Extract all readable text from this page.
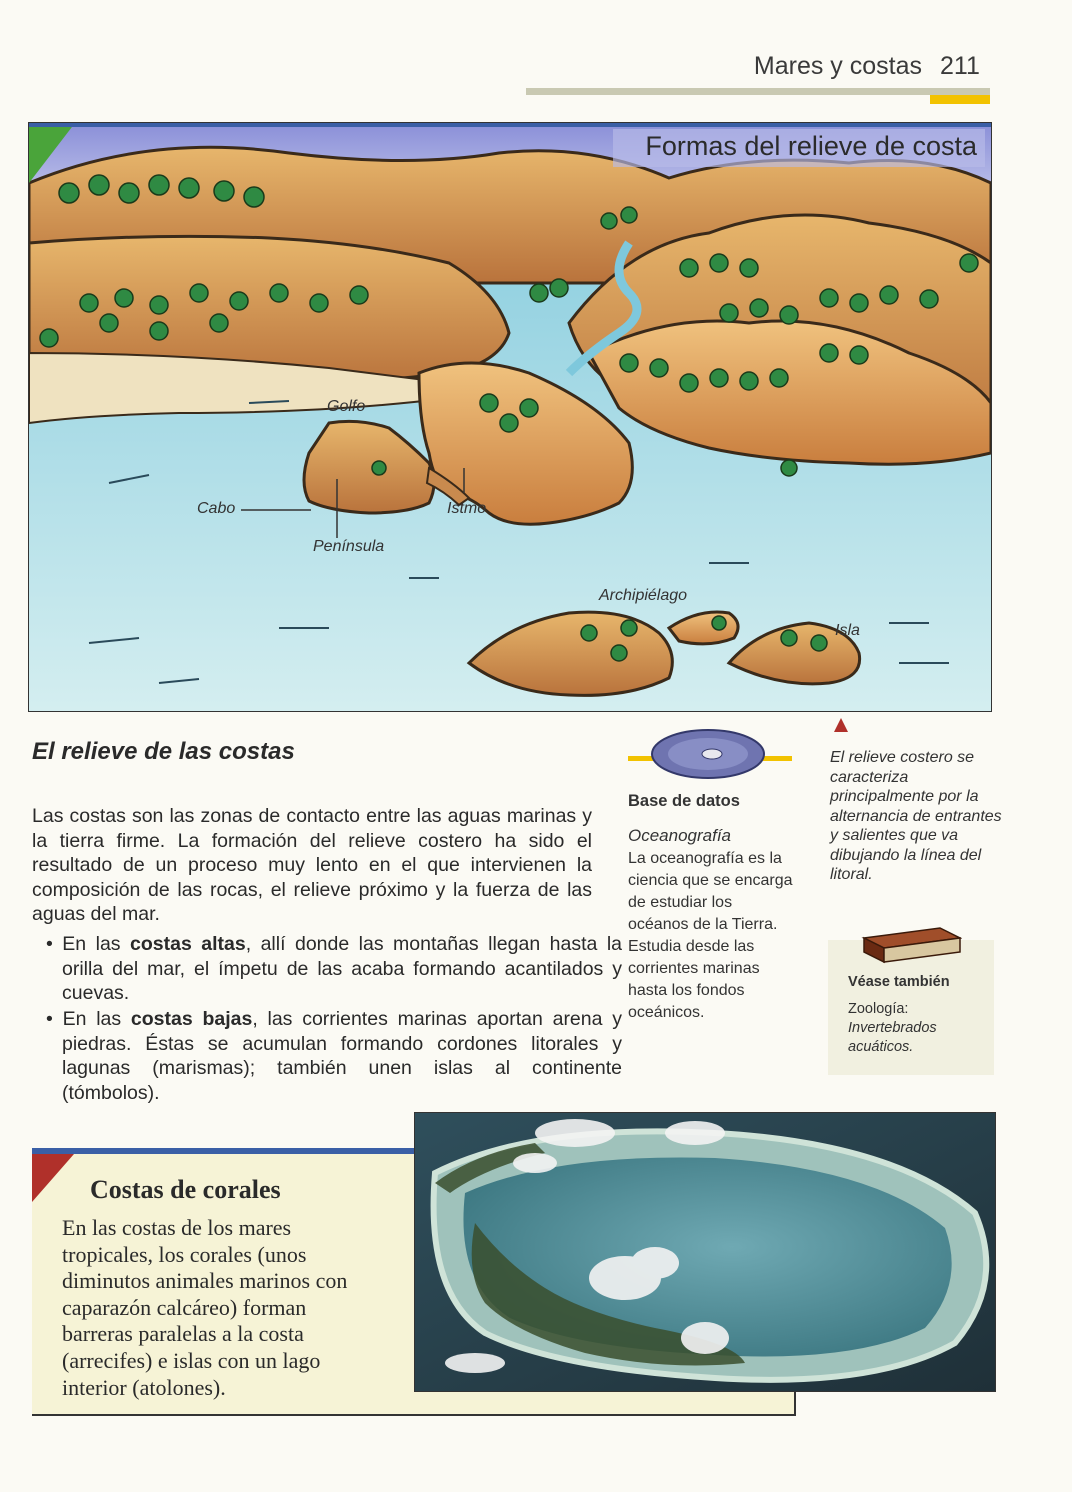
Mares y costas 211
Golfo
Cabo	Istmo
Península
Archipiélago
Isla
Formas del relieve de costa
El relieve de las costas

Las costas son las zonas de contacto entre las aguas marinas y la tierra firme. La formación del relieve costero ha sido el resultado de un proceso muy lento en el que intervienen la composición de las rocas, el relieve próximo y la fuerza de las aguas del mar.

• En las costas altas, allí donde las montañas llegan hasta la orilla del mar, el ímpetu de las acaba formando acantilados y cuevas.

• En las costas bajas, las corrientes marinas aportan arena y piedras. Éstas se acumulan formando cordones litorales y lagunas (marismas); también unen islas al continente (tómbolos).

Base de datos
Oceanografía

La oceanografía es la ciencia que se encarga de estudiar los océanos de la Tierra. Estudia desde las corrientes marinas hasta los fondos oceánicos.

El relieve costero se caracteriza principalmente por la alternancia de entrantes y salientes que va dibujando la línea del litoral.

Véase también

Zoología:
Invertebrados acuáticos.

Costas de corales

En las costas de los mares tropicales, los corales (unos diminutos animales marinos con caparazón calcáreo) forman barreras paralelas a la costa (arrecifes) e islas con un lago interior (atolones).
